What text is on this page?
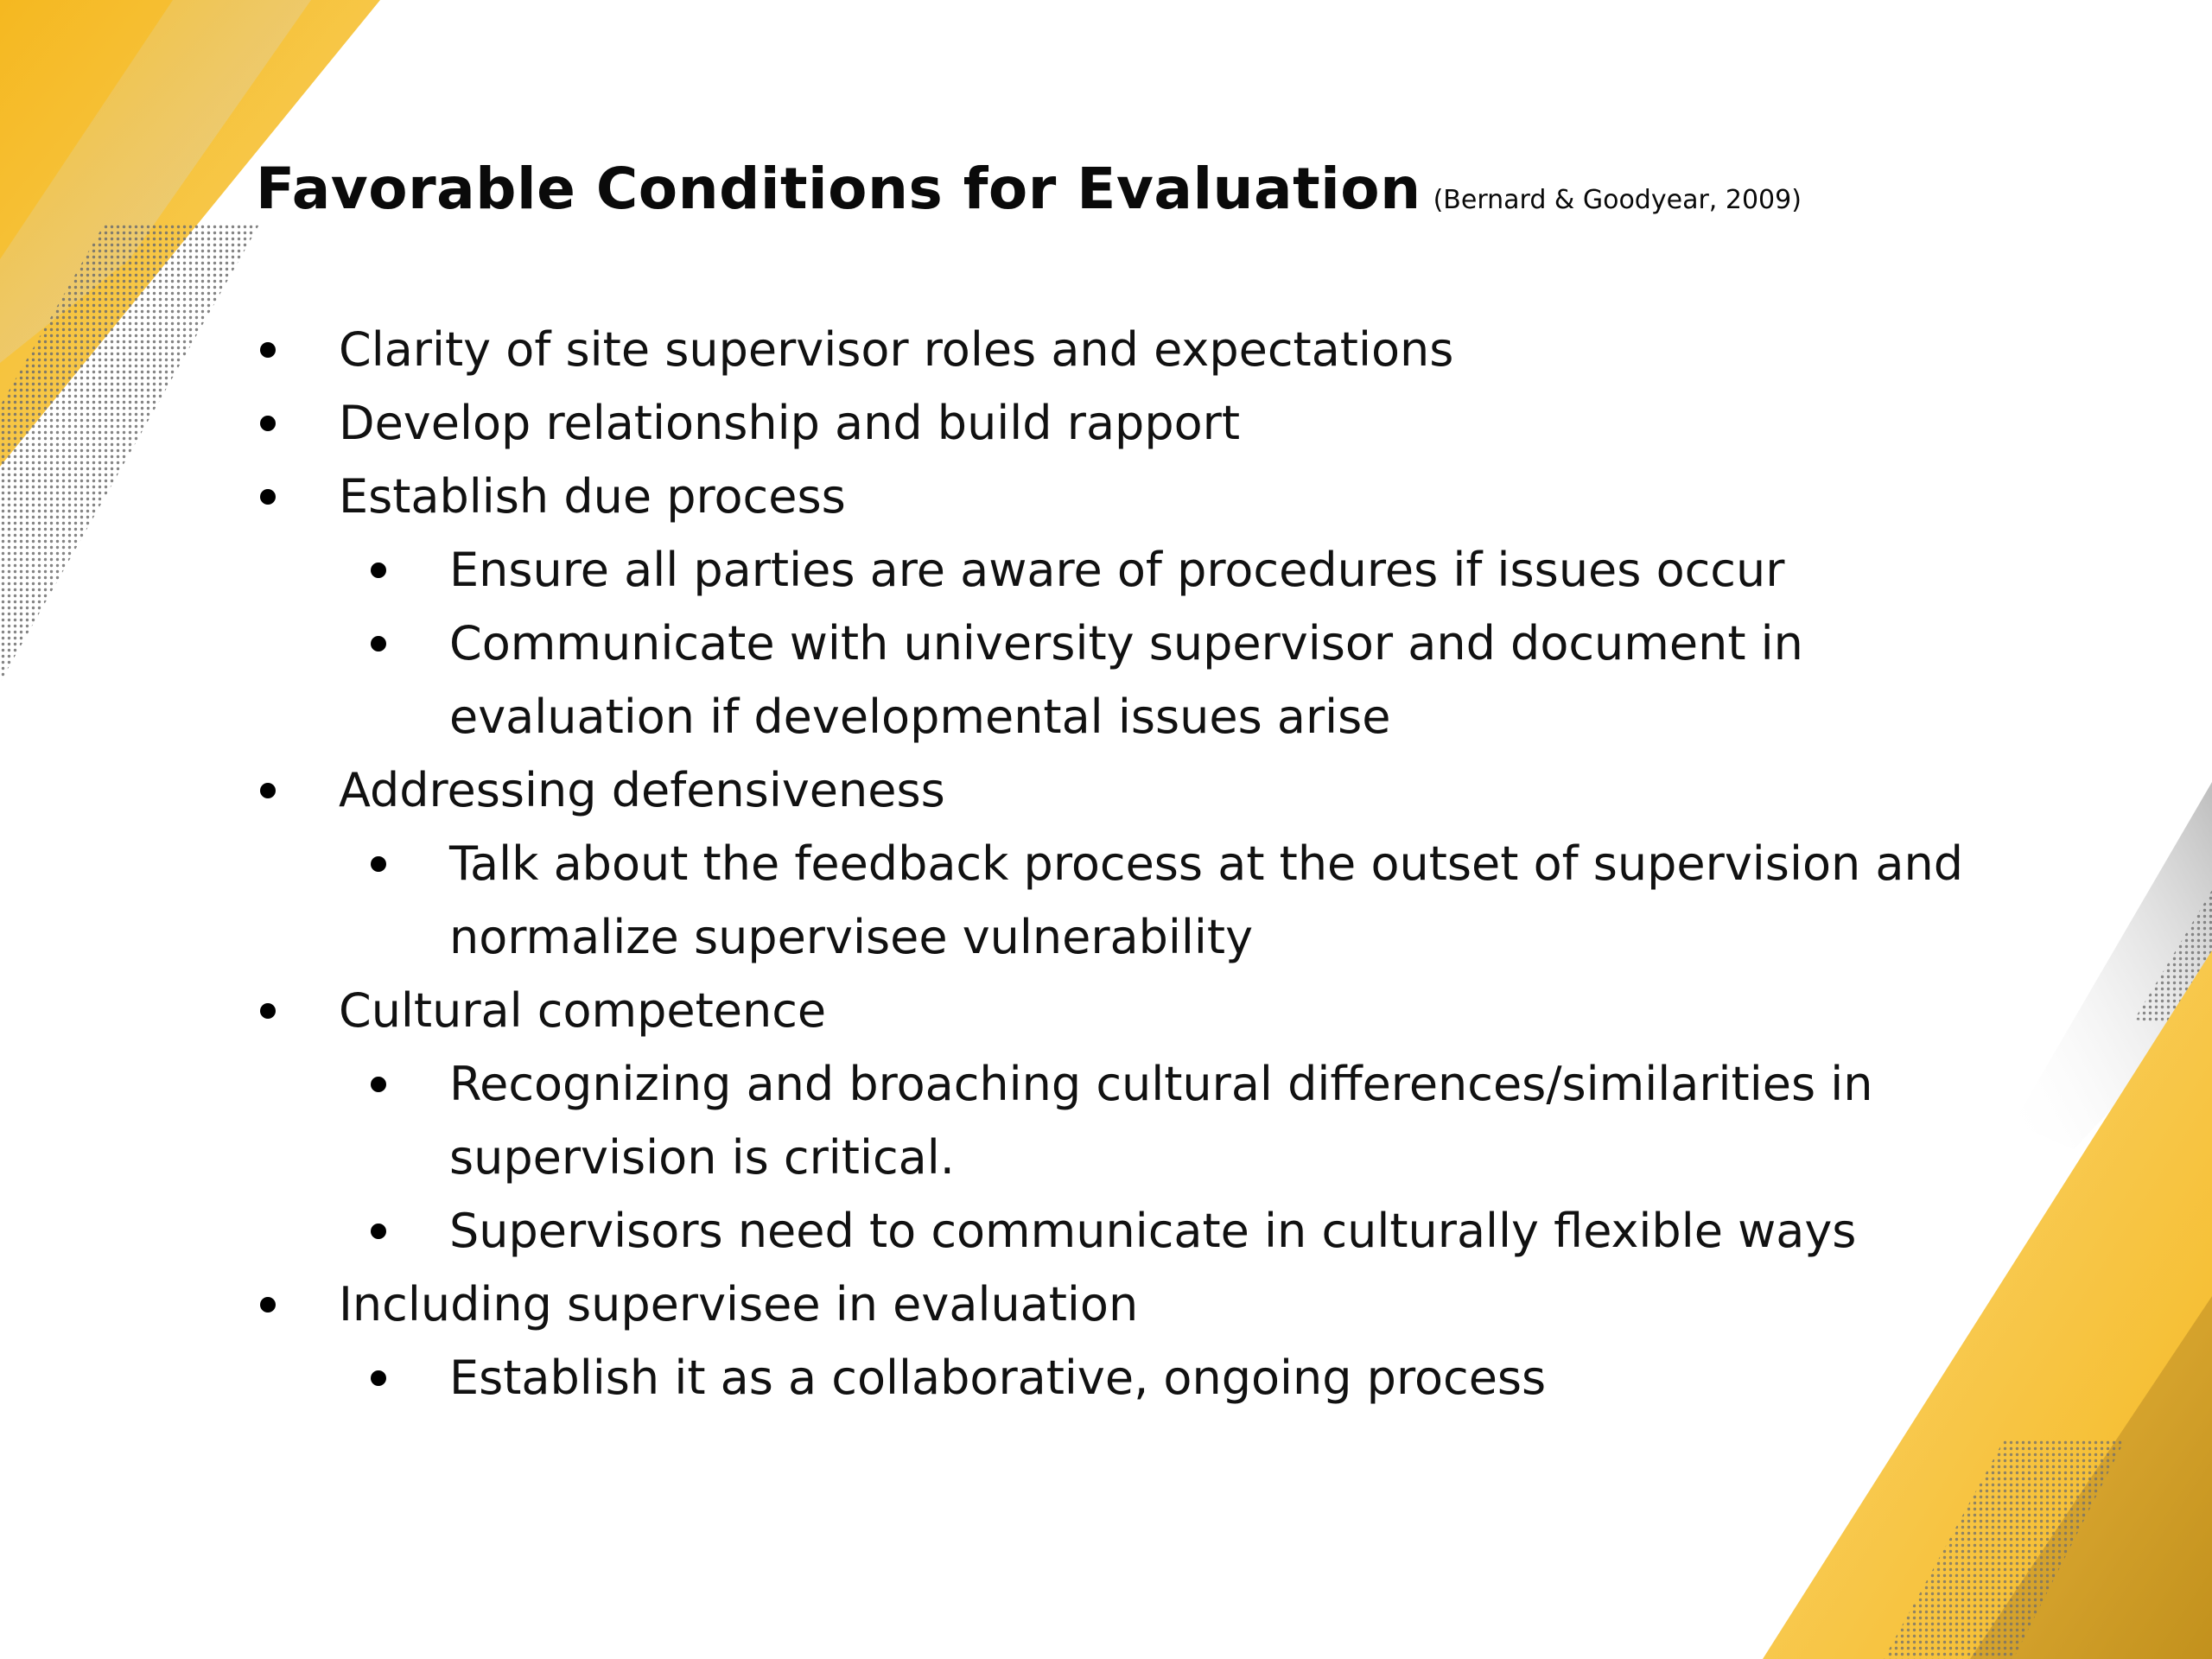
Favorable Conditions for Evaluation (Bernard & Goodyear, 2009)
Clarity of site supervisor roles and expectations
Develop relationship and build rapport
Establish due process
Ensure all parties are aware of procedures if issues occur
Communicate with university supervisor and document in evaluation if developmental issues arise
Addressing defensiveness
Talk about the feedback process at the outset of supervision and normalize supervisee vulnerability
Cultural competence
Recognizing and broaching cultural differences/similarities in supervision is critical.
Supervisors need to communicate in culturally flexible ways
Including supervisee in evaluation
Establish it as a collaborative, ongoing process
